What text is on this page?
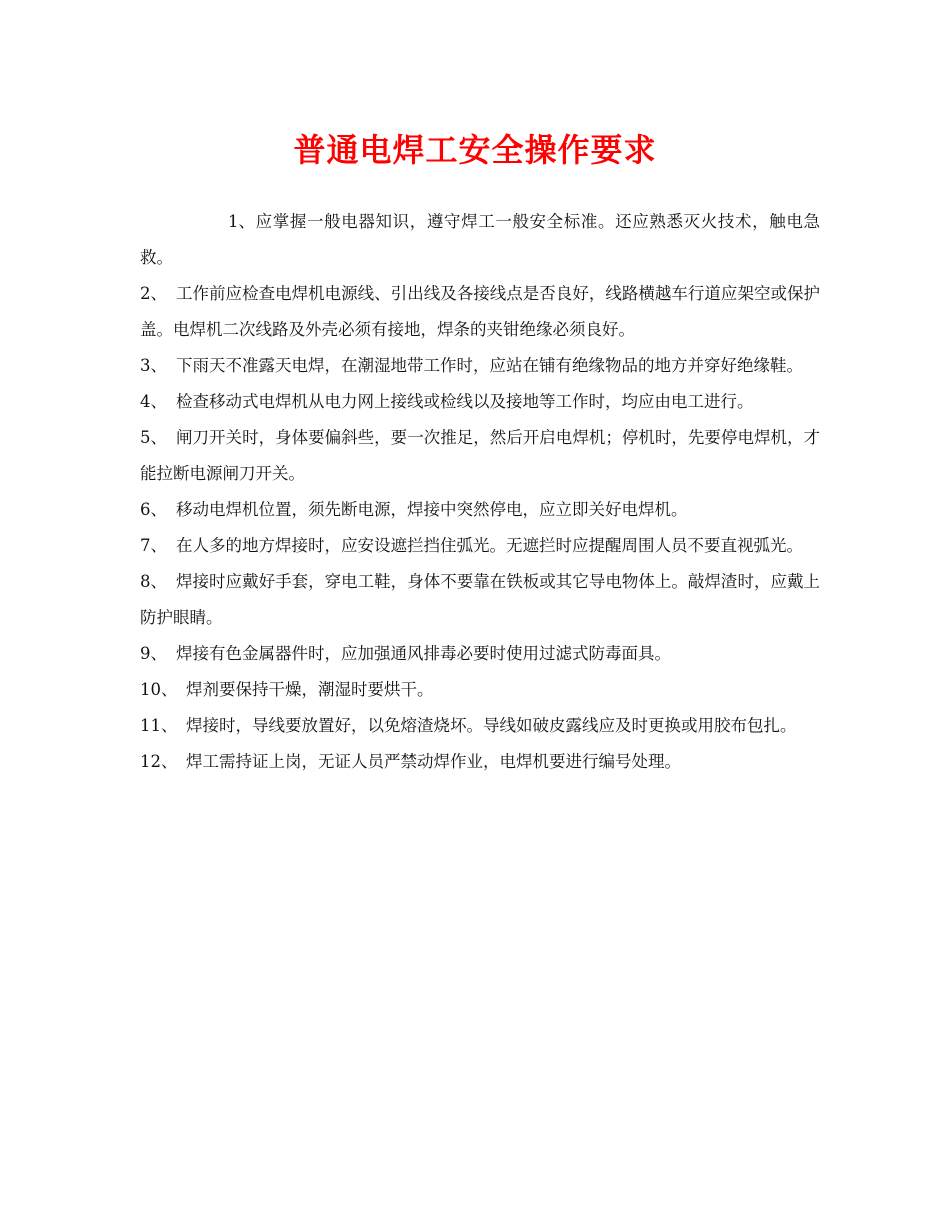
普通电焊工安全操作要求

1、应掌握一般电器知识，遵守焊工一般安全标准。还应熟悉灭火技术，触电急救。

2、 工作前应检查电焊机电源线、引出线及各接线点是否良好，线路横越车行道应架空或保护盖。电焊机二次线路及外壳必须有接地，焊条的夹钳绝缘必须良好。

3、 下雨天不准露天电焊，在潮湿地带工作时，应站在铺有绝缘物品的地方并穿好绝缘鞋。

4、 检查移动式电焊机从电力网上接线或检线以及接地等工作时，均应由电工进行。

5、 闸刀开关时，身体要偏斜些，要一次推足，然后开启电焊机；停机时，先要停电焊机，才能拉断电源闸刀开关。

6、 移动电焊机位置，须先断电源，焊接中突然停电，应立即关好电焊机。

7、 在人多的地方焊接时，应安设遮拦挡住弧光。无遮拦时应提醒周围人员不要直视弧光。

8、 焊接时应戴好手套，穿电工鞋，身体不要靠在铁板或其它导电物体上。敲焊渣时，应戴上防护眼睛。

9、 焊接有色金属器件时，应加强通风排毒必要时使用过滤式防毒面具。

10、 焊剂要保持干燥，潮湿时要烘干。

11、 焊接时，导线要放置好，以免熔渣烧坏。导线如破皮露线应及时更换或用胶布包扎。

12、 焊工需持证上岗，无证人员严禁动焊作业，电焊机要进行编号处理。
